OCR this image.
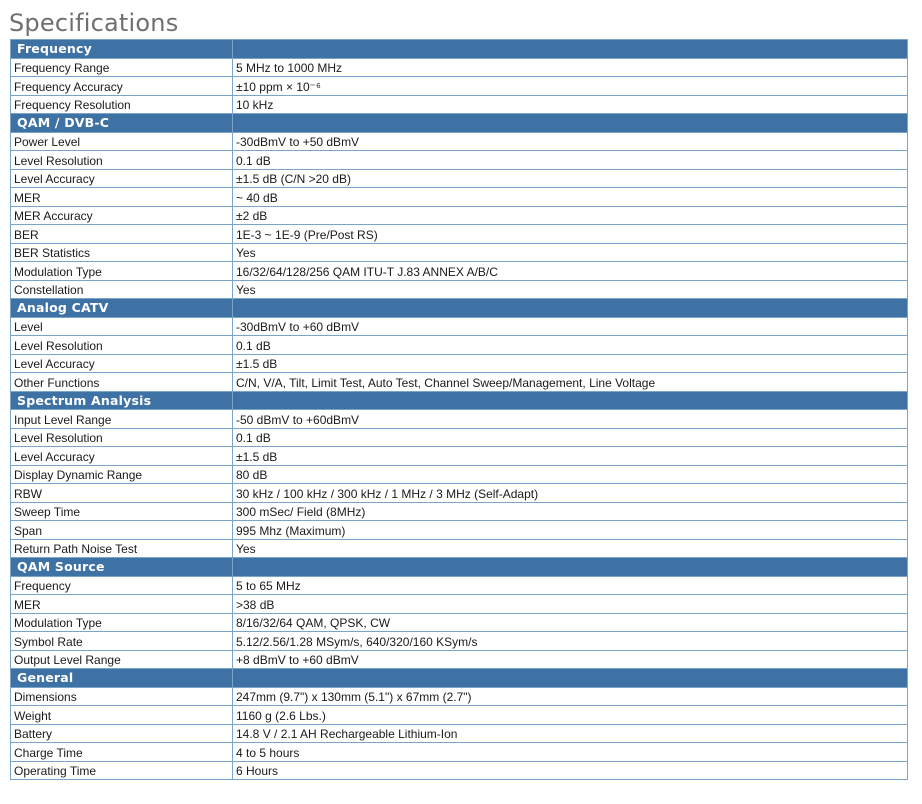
Specifications
Frequency	
Frequency Range	5 MHz to 1000 MHz
Frequency Accuracy	±10 ppm × 10⁻⁶
Frequency Resolution	10 kHz
QAM / DVB-C	
Power Level	-30dBmV to +50 dBmV
Level Resolution	0.1 dB
Level Accuracy	±1.5 dB (C/N >20 dB)
MER	~ 40 dB
MER Accuracy	±2 dB
BER	1E-3 ~ 1E-9 (Pre/Post RS)
BER Statistics	Yes
Modulation Type	16/32/64/128/256 QAM ITU-T J.83 ANNEX A/B/C
Constellation	Yes
Analog CATV	
Level	-30dBmV to +60 dBmV
Level Resolution	0.1 dB
Level Accuracy	±1.5 dB
Other Functions	C/N, V/A, Tilt, Limit Test, Auto Test, Channel Sweep/Management, Line Voltage
Spectrum Analysis	
Input Level Range	-50 dBmV to +60dBmV
Level Resolution	0.1 dB
Level Accuracy	±1.5 dB
Display Dynamic Range	80 dB
RBW	30 kHz / 100 kHz / 300 kHz / 1 MHz / 3 MHz (Self-Adapt)
Sweep Time	300 mSec/ Field (8MHz)
Span	995 Mhz (Maximum)
Return Path Noise Test	Yes
QAM Source	
Frequency	5 to 65 MHz
MER	>38 dB
Modulation Type	8/16/32/64 QAM, QPSK, CW
Symbol Rate	5.12/2.56/1.28 MSym/s, 640/320/160 KSym/s
Output Level Range	+8 dBmV to +60 dBmV
General	
Dimensions	247mm (9.7") x 130mm (5.1") x 67mm (2.7")
Weight	1160 g (2.6 Lbs.)
Battery	14.8 V / 2.1 AH Rechargeable Lithium-Ion
Charge Time	4 to 5 hours
Operating Time	6 Hours
